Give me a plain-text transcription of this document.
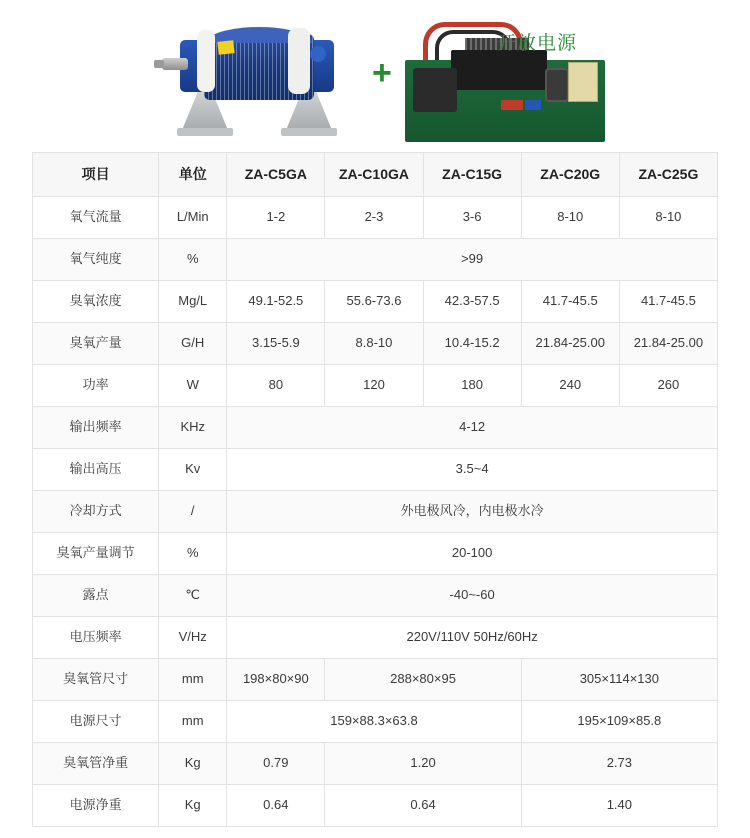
+
开放电源
项目	单位	ZA-C5GA	ZA-C10GA	ZA-C15G	ZA-C20G	ZA-C25G
氧气流量	L/Min	1-2	2-3	3-6	8-10	8-10
氧气纯度	%	>99				
臭氧浓度	Mg/L	49.1-52.5	55.6-73.6	42.3-57.5	41.7-45.5	41.7-45.5
臭氧产量	G/H	3.15-5.9	8.8-10	10.4-15.2	21.84-25.00	21.84-25.00
功率	W	80	120	180	240	260
输出频率	KHz	4-12				
输出高压	Kv	3.5~4				
冷却方式	/	外电极风冷，内电极水冷				
臭氧产量调节	%	20-100				
露点	℃	-40~-60				
电压频率	V/Hz	220V/110V 50Hz/60Hz				
臭氧管尺寸	mm	198×80×90	288×80×95		305×114×130	
电源尺寸	mm	159×88.3×63.8			195×109×85.8	
臭氧管净重	Kg	0.79	1.20		2.73	
电源净重	Kg	0.64	0.64		1.40	
